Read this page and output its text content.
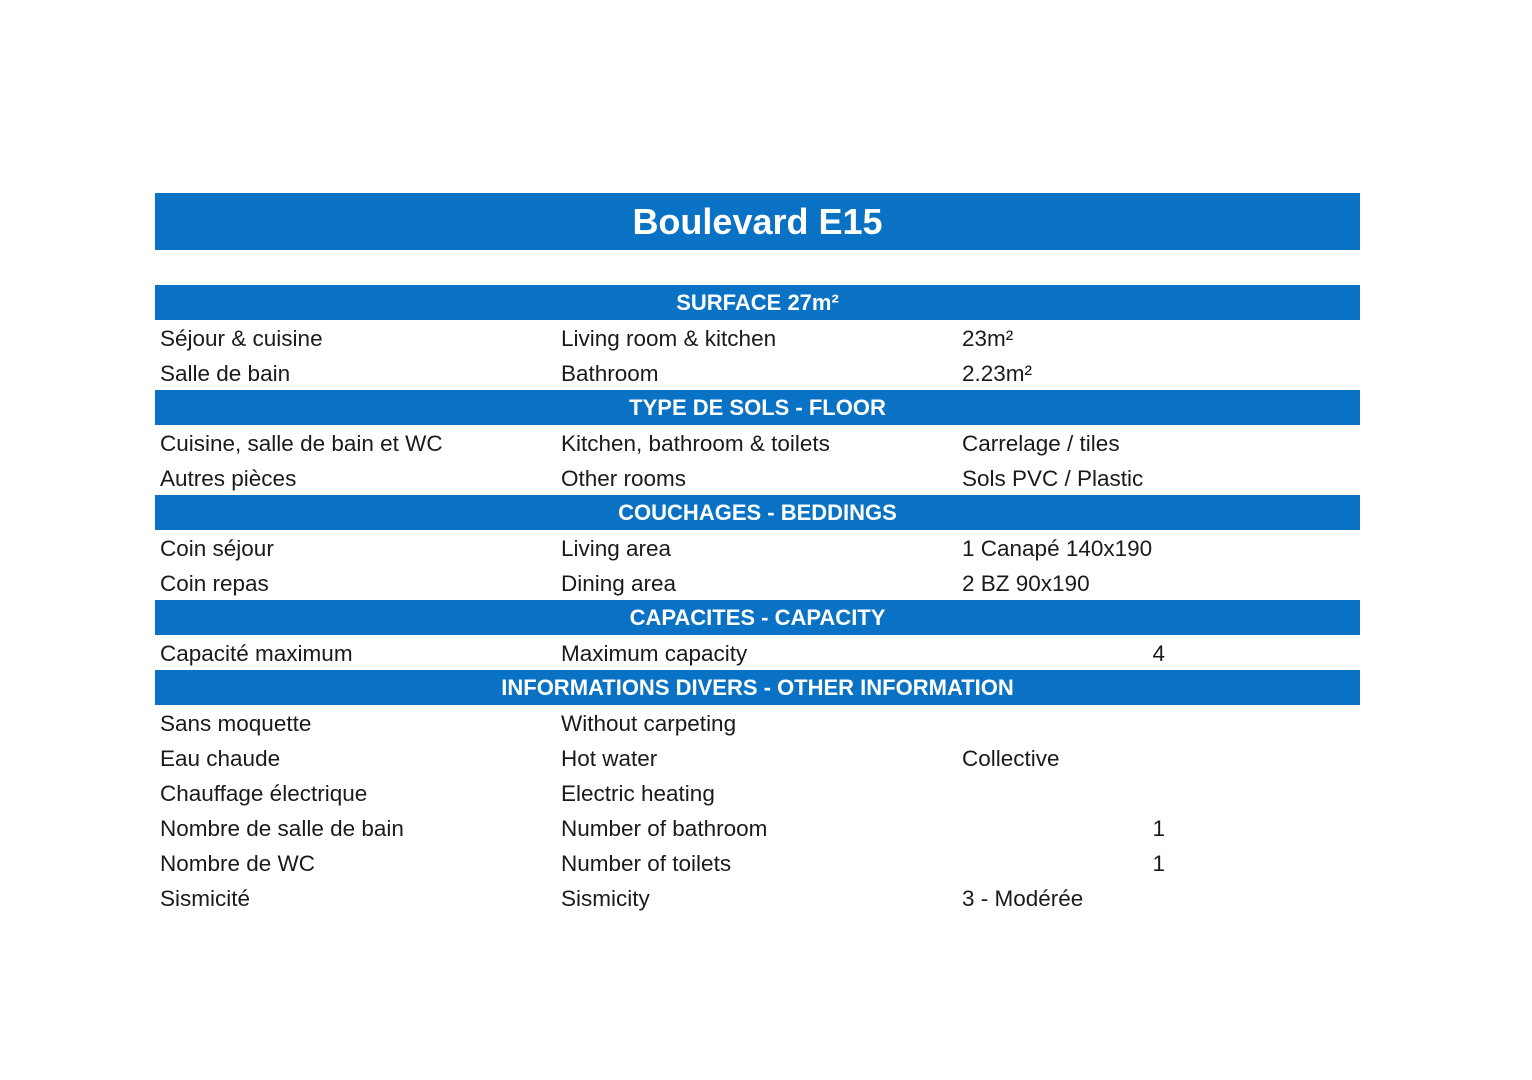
Boulevard E15
SURFACE 27m²
Séjour & cuisine	Living room & kitchen	23m²
Salle de bain	Bathroom	2.23m²
TYPE DE SOLS - FLOOR
Cuisine, salle de bain et WC	Kitchen, bathroom & toilets	Carrelage / tiles
Autres pièces	Other rooms	Sols PVC / Plastic
COUCHAGES - BEDDINGS
Coin séjour	Living area	1 Canapé 140x190
Coin repas	Dining area	2 BZ 90x190
CAPACITES - CAPACITY
Capacité maximum	Maximum capacity	4
INFORMATIONS DIVERS - OTHER INFORMATION
Sans moquette	Without carpeting
Eau chaude	Hot water	Collective
Chauffage électrique	Electric heating
Nombre de salle de bain	Number of bathroom	1
Nombre de WC	Number of toilets	1
Sismicité	Sismicity	3 - Modérée
